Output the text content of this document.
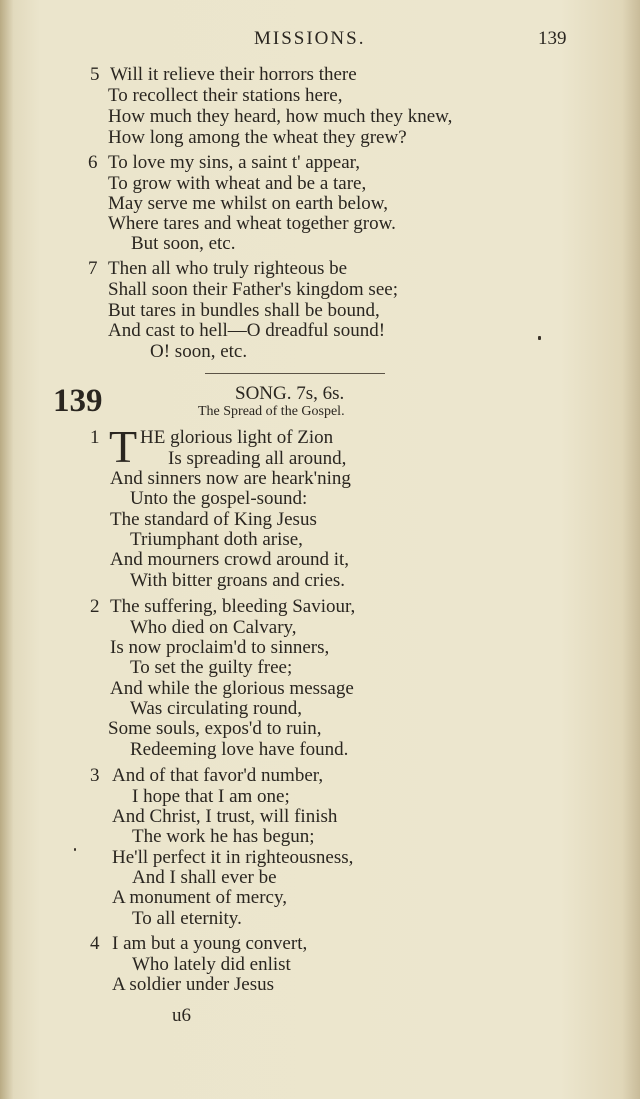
MISSIONS.	139
5 Will it relieve their horrors there
To recollect their stations here,
How much they heard, how much they knew,
How long among the wheat they grew?
6 To love my sins, a saint t' appear,
To grow with wheat and be a tare,
May serve me whilst on earth below,
Where tares and wheat together grow.
But soon, etc.
7 Then all who truly righteous be
Shall soon their Father's kingdom see;
But tares in bundles shall be bound,
And cast to hell—O dreadful sound!
O! soon, etc.
139	SONG. 7s, 6s.
The Spread of the Gospel.
1 T HE glorious light of Zion
Is spreading all around,
And sinners now are heark'ning
Unto the gospel-sound:
The standard of King Jesus
Triumphant doth arise,
And mourners crowd around it,
With bitter groans and cries.
2 The suffering, bleeding Saviour,
Who died on Calvary,
Is now proclaim'd to sinners,
To set the guilty free;
And while the glorious message
Was circulating round,
Some souls, expos'd to ruin,
Redeeming love have found.
3 And of that favor'd number,
I hope that I am one;
And Christ, I trust, will finish
The work he has begun;
He'll perfect it in righteousness,
And I shall ever be
A monument of mercy,
To all eternity.
4 I am but a young convert,
Who lately did enlist
A soldier under Jesus
u6
